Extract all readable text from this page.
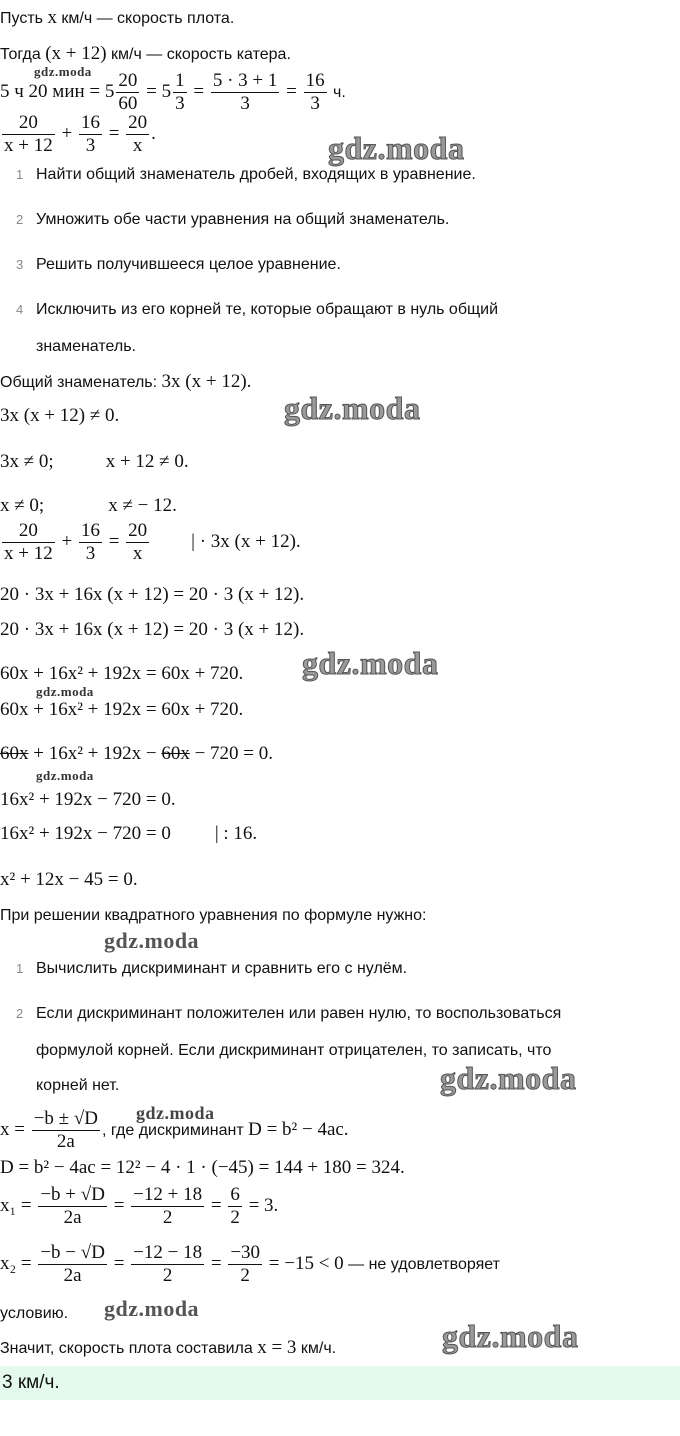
Пусть x км/ч — скорость плота.
Тогда (x + 12) км/ч — скорость катера.
5 ч 20 мин = $5 \frac{20}{60} = 5 \frac{1}{3} = \frac{5 \cdot 3 + 1}{3} = \frac{16}{3} ч$.
$\frac{20}{x + 12} + \frac{16}{3} = \frac{20}{x}$ .
1 Найти общий знаменатель дробей, входящих в уравнение.
2 Умножить обе части уравнения на общий знаменатель.
3 Решить получившееся целое уравнение.
4 Исключить из его корней те, которые обращают в нуль общий
знаменатель.
Общий знаменатель: 3x (x + 12).
3x (x + 12) ≠ 0.
3x ≠ 0;	x + 12 ≠ 0.
x ≠ 0;	x ≠ − 12.
$\frac{20}{x + 12} + \frac{16}{3} = \frac{20}{x}$ | · 3x (x + 12).
20 · 3x + 16x (x + 12) = 20 · 3 (x + 12).
20 · 3x + 16x (x + 12) = 20 · 3 (x + 12).
60x + 16x² + 192x = 60x + 720.
60x + 16x² + 192x = 60x + 720.
60x + 16x² + 192x − 60x − 720 = 0.
16x² + 192x − 720 = 0.
16x² + 192x − 720 = 0 | : 16.
x² + 12x − 45 = 0.
При решении квадратного уравнения по формуле нужно:
1 Вычислить дискриминант и сравнить его с нулём.
2 Если дискриминант положителен или равен нулю, то воспользоваться
формулой корней. Если дискриминант отрицателен, то записать, что
корней нет.
$x = \frac{-b \pm √D}{2a}$ , где дискриминант D = b² − 4ac.
D = b² − 4ac = 12² − 4 · 1 · (−45) = 144 + 180 = 324.
$x_1 = \frac{-b + √D}{2a} = \frac{-12 + 18}{2} = \frac{6}{2} = 3$.
$x_2 = \frac{-b - √D}{2a} = \frac{-12 - 18}{2} = \frac{-30}{2} = -15 < 0$ — не удовлетворяет
условию.
Значит, скорость плота составила x = 3 км/ч.
3 км/ч.
gdz.moda
gdz.moda
gdz.moda
gdz.moda
gdz.moda
gdz.moda
gdz.moda
gdz.moda
gdz.moda
gdz.moda
gdz.moda
